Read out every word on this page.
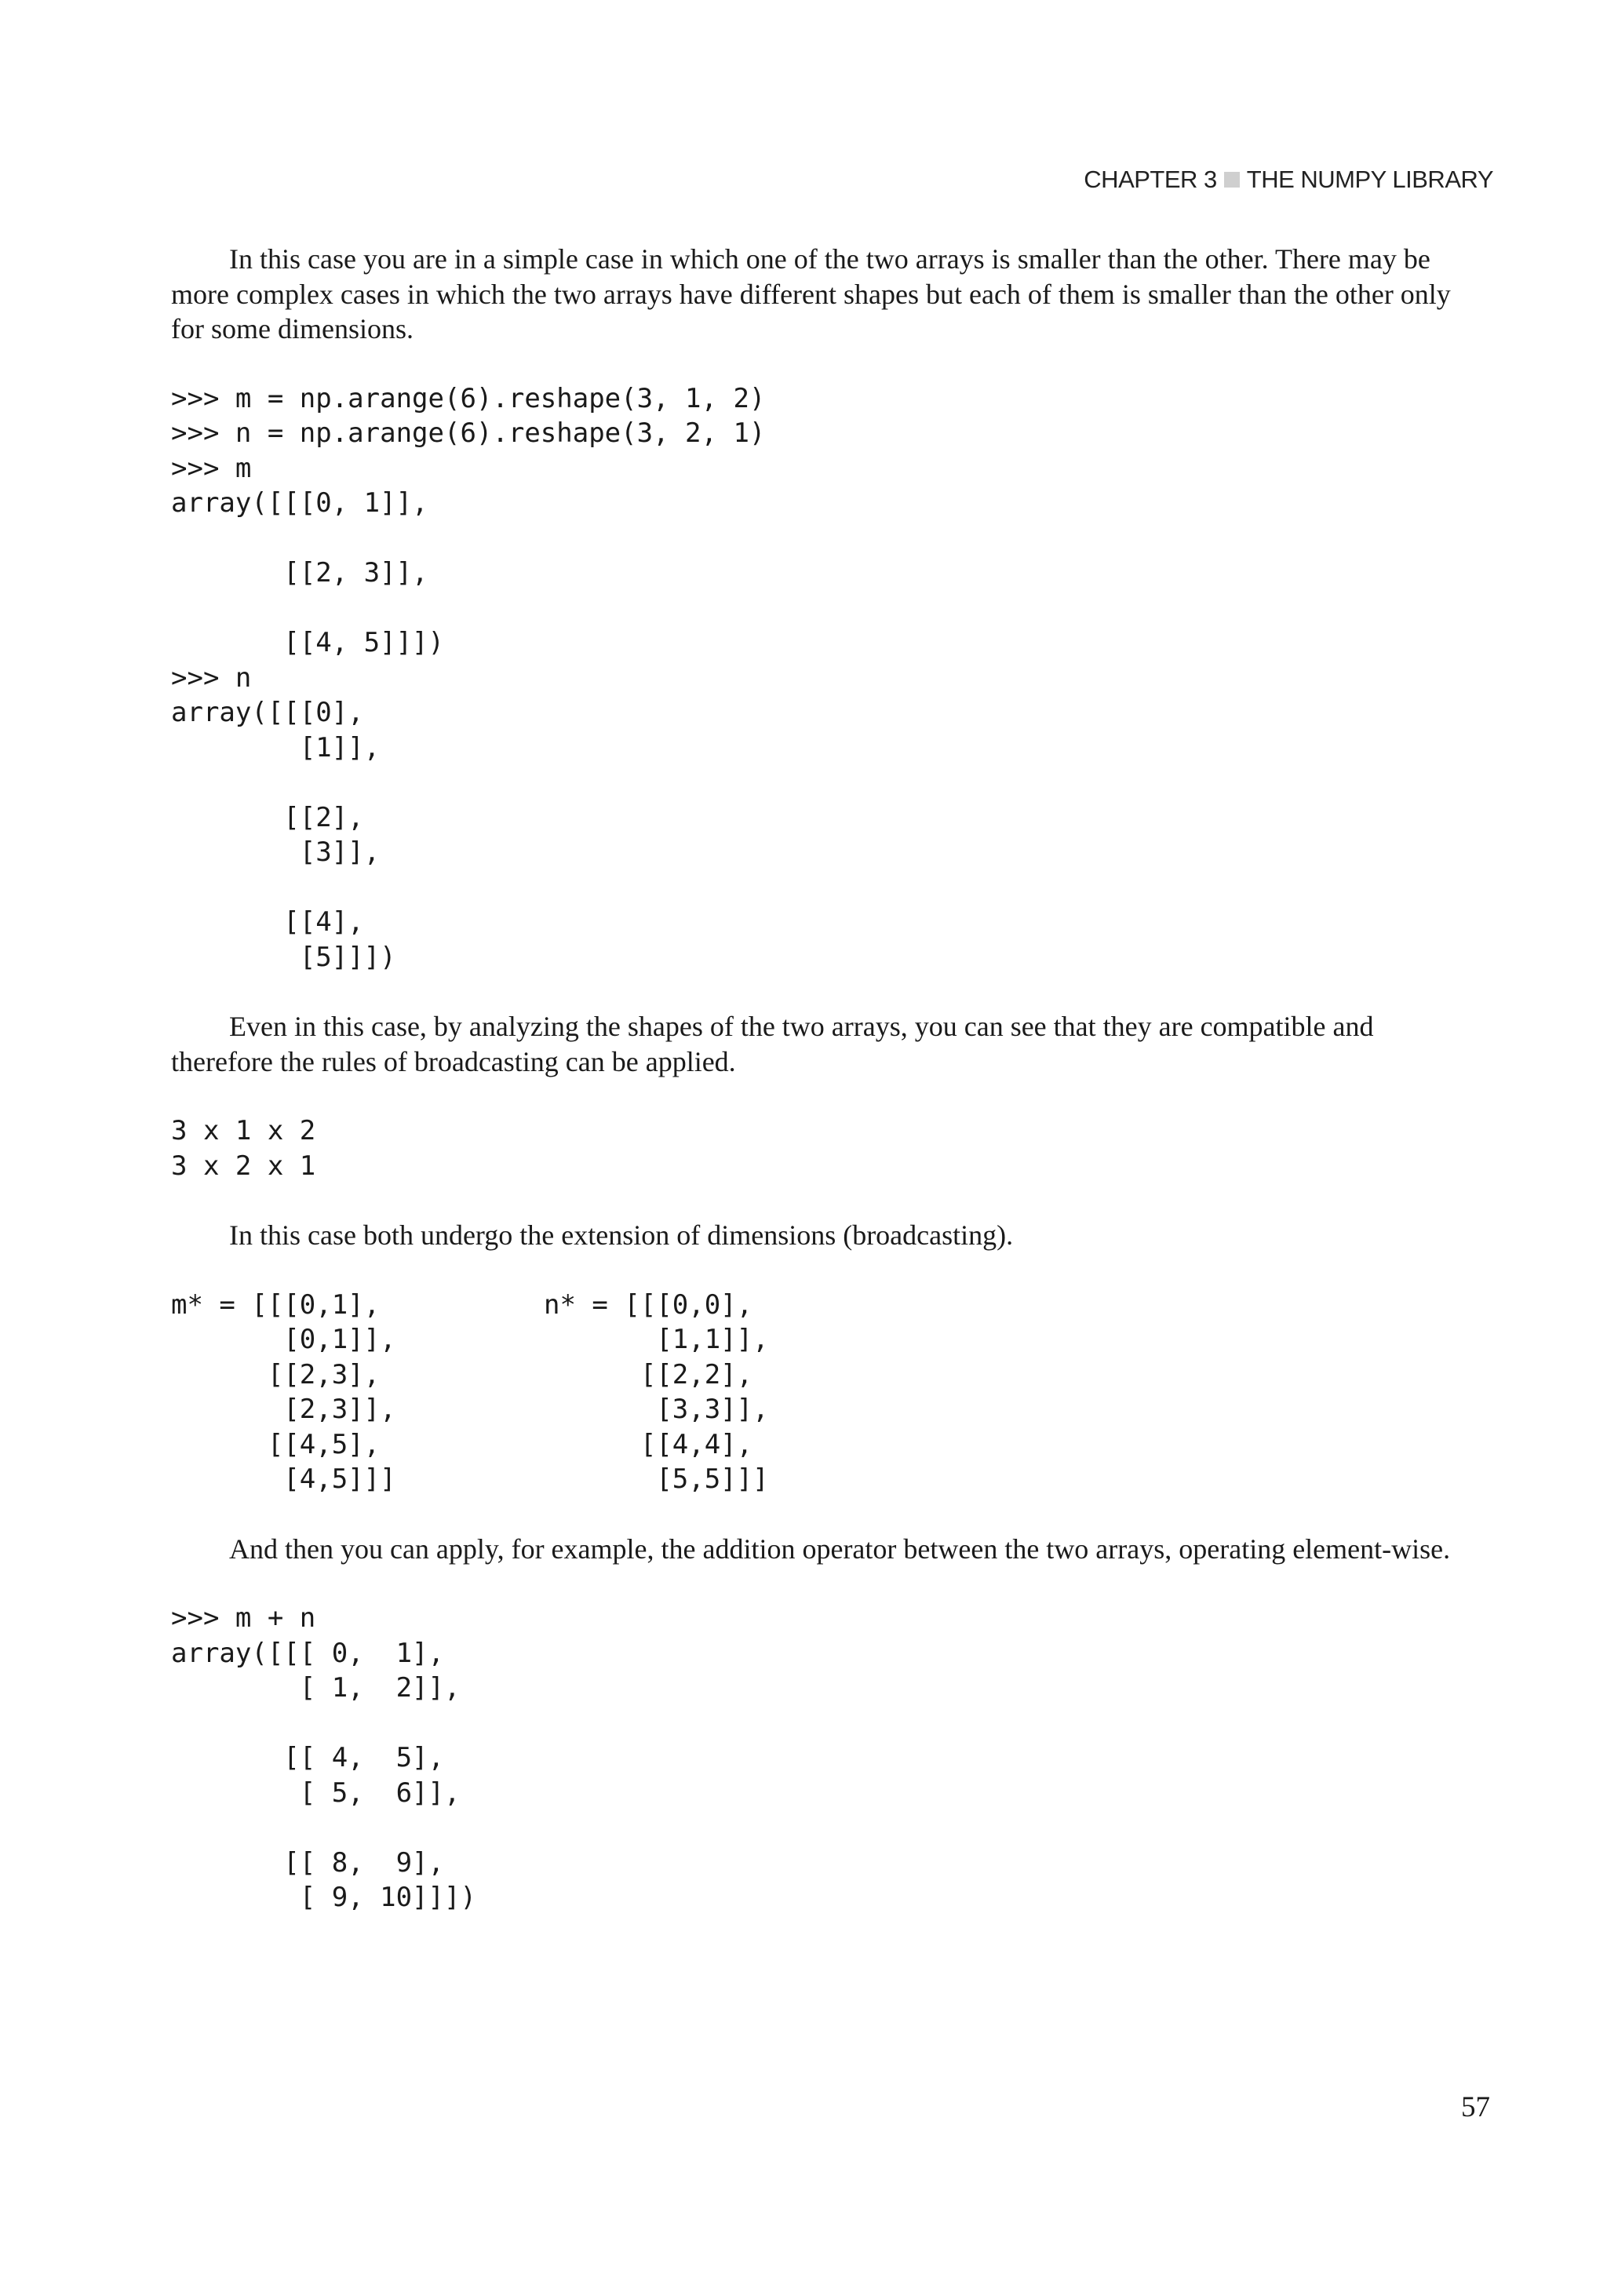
CHAPTER 3 THE NUMPY LIBRARY

In this case you are in a simple case in which one of the two arrays is smaller than the other. There may be more complex cases in which the two arrays have different shapes but each of them is smaller than the other only for some dimensions.

>>> m = np.arange(6).reshape(3, 1, 2)
>>> n = np.arange(6).reshape(3, 2, 1)
>>> m
array([[[0, 1]],

[[2, 3]],

[[4, 5]]])
>>> n
array([[[0],
[1]],

[[2],
[3]],

[[4],
[5]]])

Even in this case, by analyzing the shapes of the two arrays, you can see that they are compatible and therefore the rules of broadcasting can be applied.

3 x 1 x 2
3 x 2 x 1

In this case both undergo the extension of dimensions (broadcasting).

m* = [[[0,1],
[0,1]],
[[2,3],
[2,3]],
[[4,5],
[4,5]]]
n* = [[[0,0],
[1,1]],
[[2,2],
[3,3]],
[[4,4],
[5,5]]]

And then you can apply, for example, the addition operator between the two arrays, operating element-wise.

>>> m + n
array([[[ 0,  1],
[ 1,  2]],

[[ 4,  5],
[ 5,  6]],

[[ 8,  9],
[ 9, 10]]])
57
